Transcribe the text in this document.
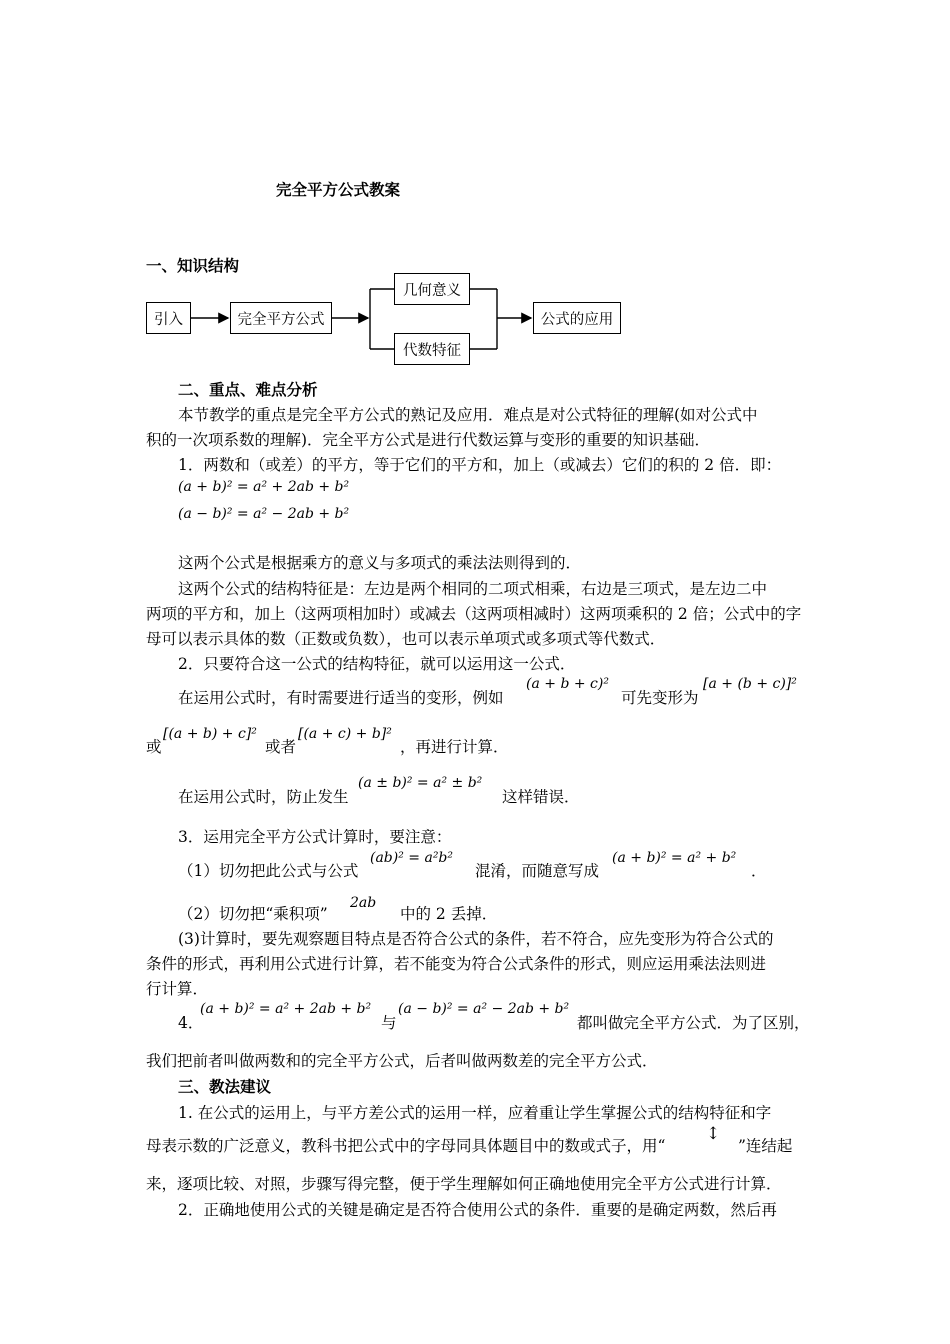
完全平方公式教案
一、知识结构
引入	完全平方公式
几何意义
代数特征
公式的应用
二、重点、难点分析
本节教学的重点是完全平方公式的熟记及应用．难点是对公式特征的理解(如对公式中
积的一次项系数的理解)．完全平方公式是进行代数运算与变形的重要的知识基础．
1．两数和（或差）的平方，等于它们的平方和，加上（或减去）它们的积的 2 倍．即：
(a + b)² = a² + 2ab + b²
(a − b)² = a² − 2ab + b²
这两个公式是根据乘方的意义与多项式的乘法法则得到的．
这两个公式的结构特征是：左边是两个相同的二项式相乘，右边是三项式，是左边二中
两项的平方和，加上（这两项相加时）或减去（这两项相减时）这两项乘积的 2 倍；公式中的字
母可以表示具体的数（正数或负数），也可以表示单项式或多项式等代数式．
2．只要符合这一公式的结构特征，就可以运用这一公式．
在运用公式时，有时需要进行适当的变形，例如
(a + b + c)²
可先变形为
[a + (b + c)]²
或
[(a + b) + c]²
或者
[(a + c) + b]²
，再进行计算．
在运用公式时，防止发生
(a ± b)² = a² ± b²
这样错误．
3．运用完全平方公式计算时，要注意：
（1）切勿把此公式与公式
(ab)² = a²b²
混淆，而随意写成
(a + b)² = a² + b²
．
（2）切勿把“乘积项”
2ab
中的 2 丢掉．
(3)计算时，要先观察题目特点是否符合公式的条件，若不符合，应先变形为符合公式的
条件的形式，再利用公式进行计算，若不能变为符合公式条件的形式，则应运用乘法法则进
行计算．
4．
(a + b)² = a² + 2ab + b²
与
(a − b)² = a² − 2ab + b²
都叫做完全平方公式．为了区别，
我们把前者叫做两数和的完全平方公式，后者叫做两数差的完全平方公式．
三、教法建议
1. 在公式的运用上，与平方差公式的运用一样，应着重让学生掌握公式的结构特征和字
母表示数的广泛意义，教科书把公式中的字母同具体题目中的数或式子，用“
↕
”连结起
来，逐项比较、对照，步骤写得完整，便于学生理解如何正确地使用完全平方公式进行计算．
2．正确地使用公式的关键是确定是否符合使用公式的条件．重要的是确定两数，然后再
